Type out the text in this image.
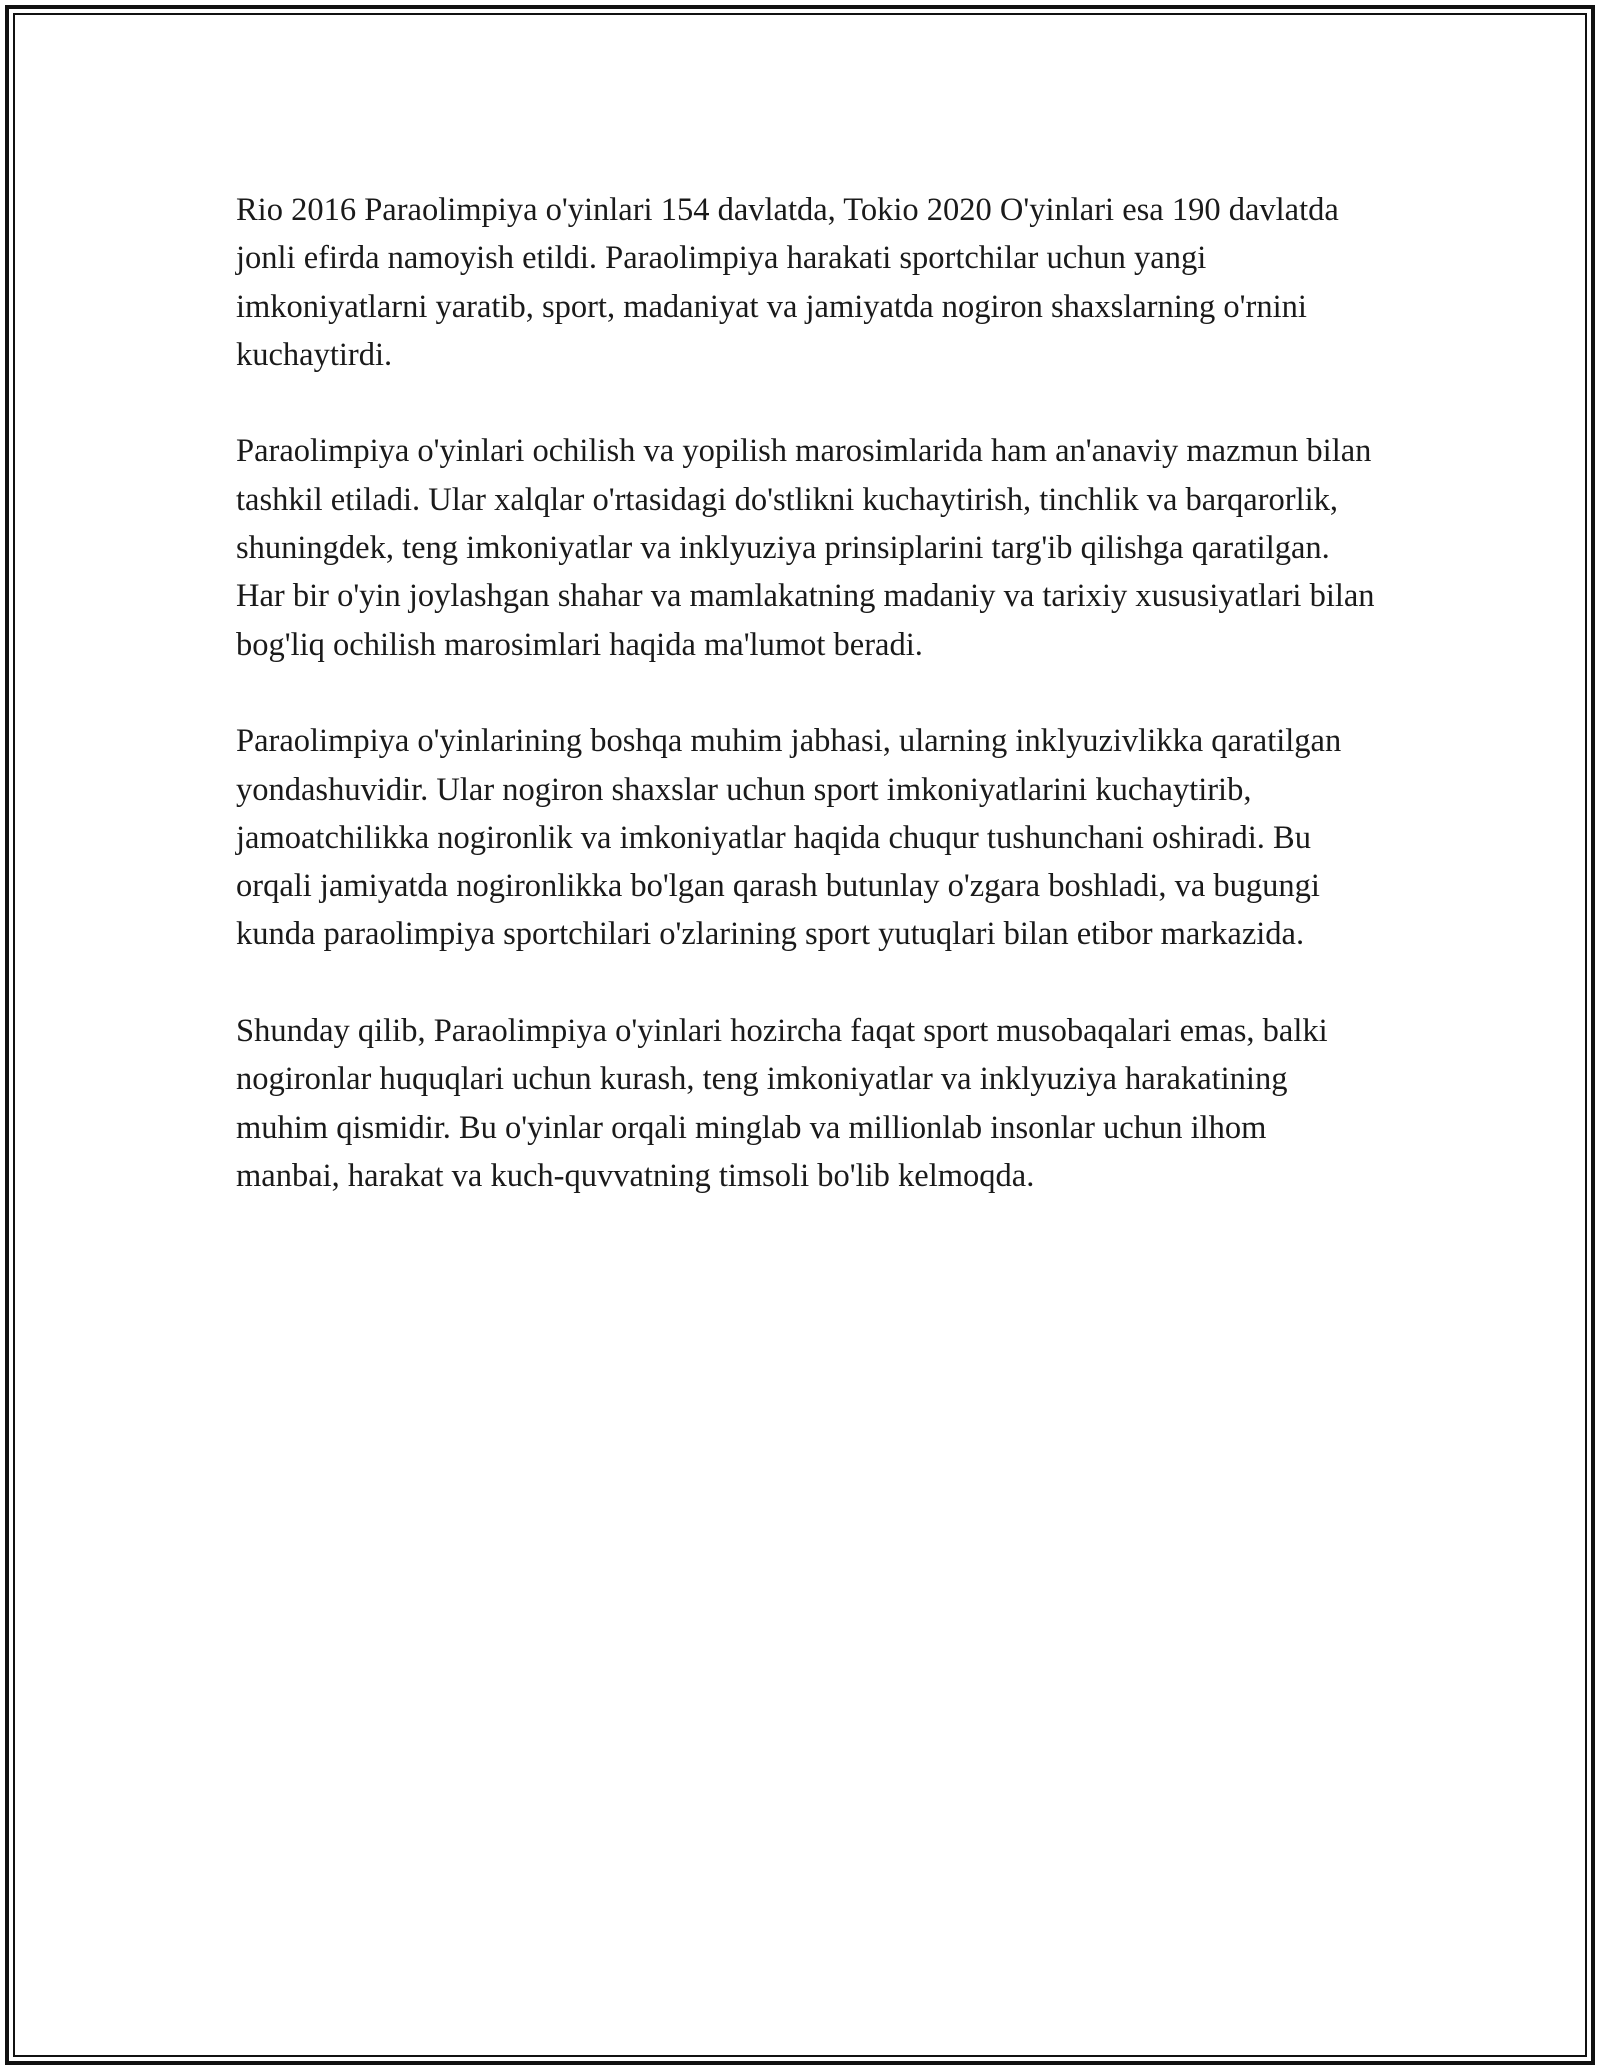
Rio 2016 Paraolimpiya o'yinlari 154 davlatda, Tokio 2020 O'yinlari esa 190 davlatda jonli efirda namoyish etildi. Paraolimpiya harakati sportchilar uchun yangi imkoniyatlarni yaratib, sport, madaniyat va jamiyatda nogiron shaxslarning o'rnini kuchaytirdi.

Paraolimpiya o'yinlari ochilish va yopilish marosimlarida ham an'anaviy mazmun bilan tashkil etiladi. Ular xalqlar o'rtasidagi do'stlikni kuchaytirish, tinchlik va barqarorlik, shuningdek, teng imkoniyatlar va inklyuziya prinsiplarini targ'ib qilishga qaratilgan. Har bir o'yin joylashgan shahar va mamlakatning madaniy va tarixiy xususiyatlari bilan bog'liq ochilish marosimlari haqida ma'lumot beradi.

Paraolimpiya o'yinlarining boshqa muhim jabhasi, ularning inklyuzivlikka qaratilgan yondashuvidir. Ular nogiron shaxslar uchun sport imkoniyatlarini kuchaytirib, jamoatchilikka nogironlik va imkoniyatlar haqida chuqur tushunchani oshiradi. Bu orqali jamiyatda nogironlikka bo'lgan qarash butunlay o'zgara boshladi, va bugungi kunda paraolimpiya sportchilari o'zlarining sport yutuqlari bilan etibor markazida.

Shunday qilib, Paraolimpiya o'yinlari hozircha faqat sport musobaqalari emas, balki nogironlar huquqlari uchun kurash, teng imkoniyatlar va inklyuziya harakatining muhim qismidir. Bu o'yinlar orqali minglab va millionlab insonlar uchun ilhom manbai, harakat va kuch-quvvatning timsoli bo'lib kelmoqda.
